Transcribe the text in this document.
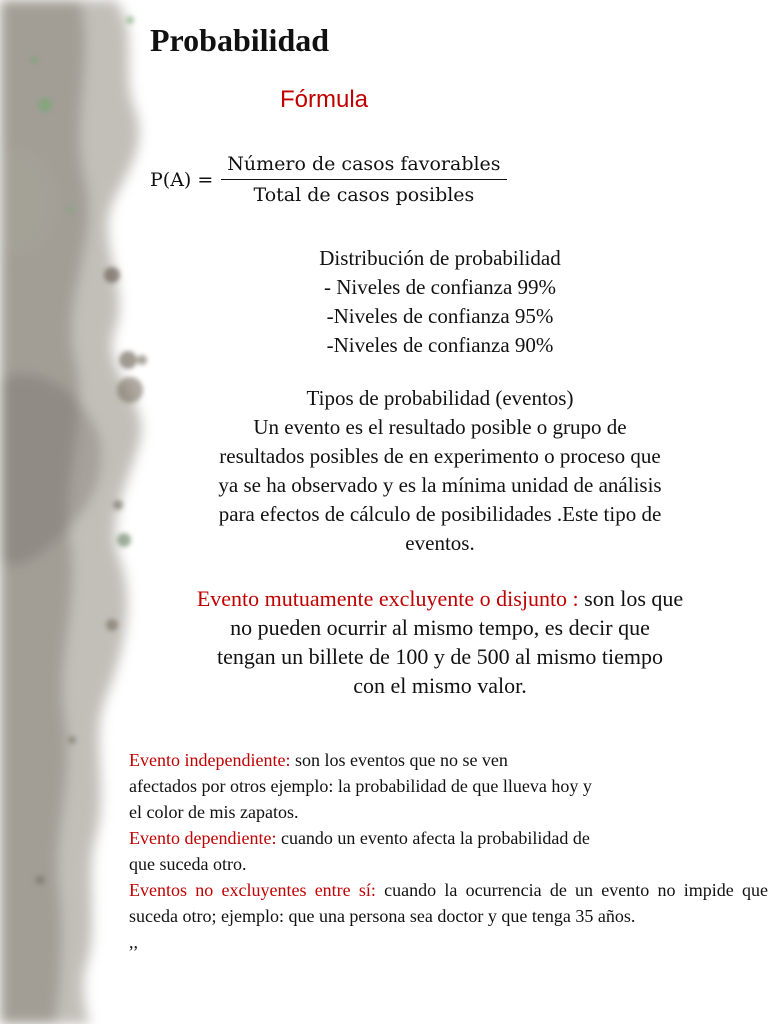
Probabilidad
Fórmula
P(A) =
Número de casos favorables
Total de casos posibles

Distribución de probabilidad

- Niveles de confianza 99%

-Niveles de confianza 95%

-Niveles de confianza 90%

Tipos de probabilidad (eventos)

Un evento es el resultado posible o grupo de

resultados posibles de en experimento o proceso que

ya se ha observado y es la mínima unidad de análisis

para efectos de cálculo de posibilidades .Este tipo de

eventos.

Evento mutuamente excluyente o disjunto : son los que

no pueden ocurrir al mismo tempo, es decir que

tengan un billete de 100 y de 500 al mismo tiempo

con el mismo valor.

Evento independiente: son los eventos que no se ven

afectados por otros ejemplo: la probabilidad de que llueva hoy y

el color de mis zapatos.

Evento dependiente: cuando un evento afecta la probabilidad de

que suceda otro.

Eventos no excluyentes entre sí: cuando la ocurrencia de un evento no impide que suceda otro; ejemplo: que una persona sea doctor y que tenga 35 años.

,,
